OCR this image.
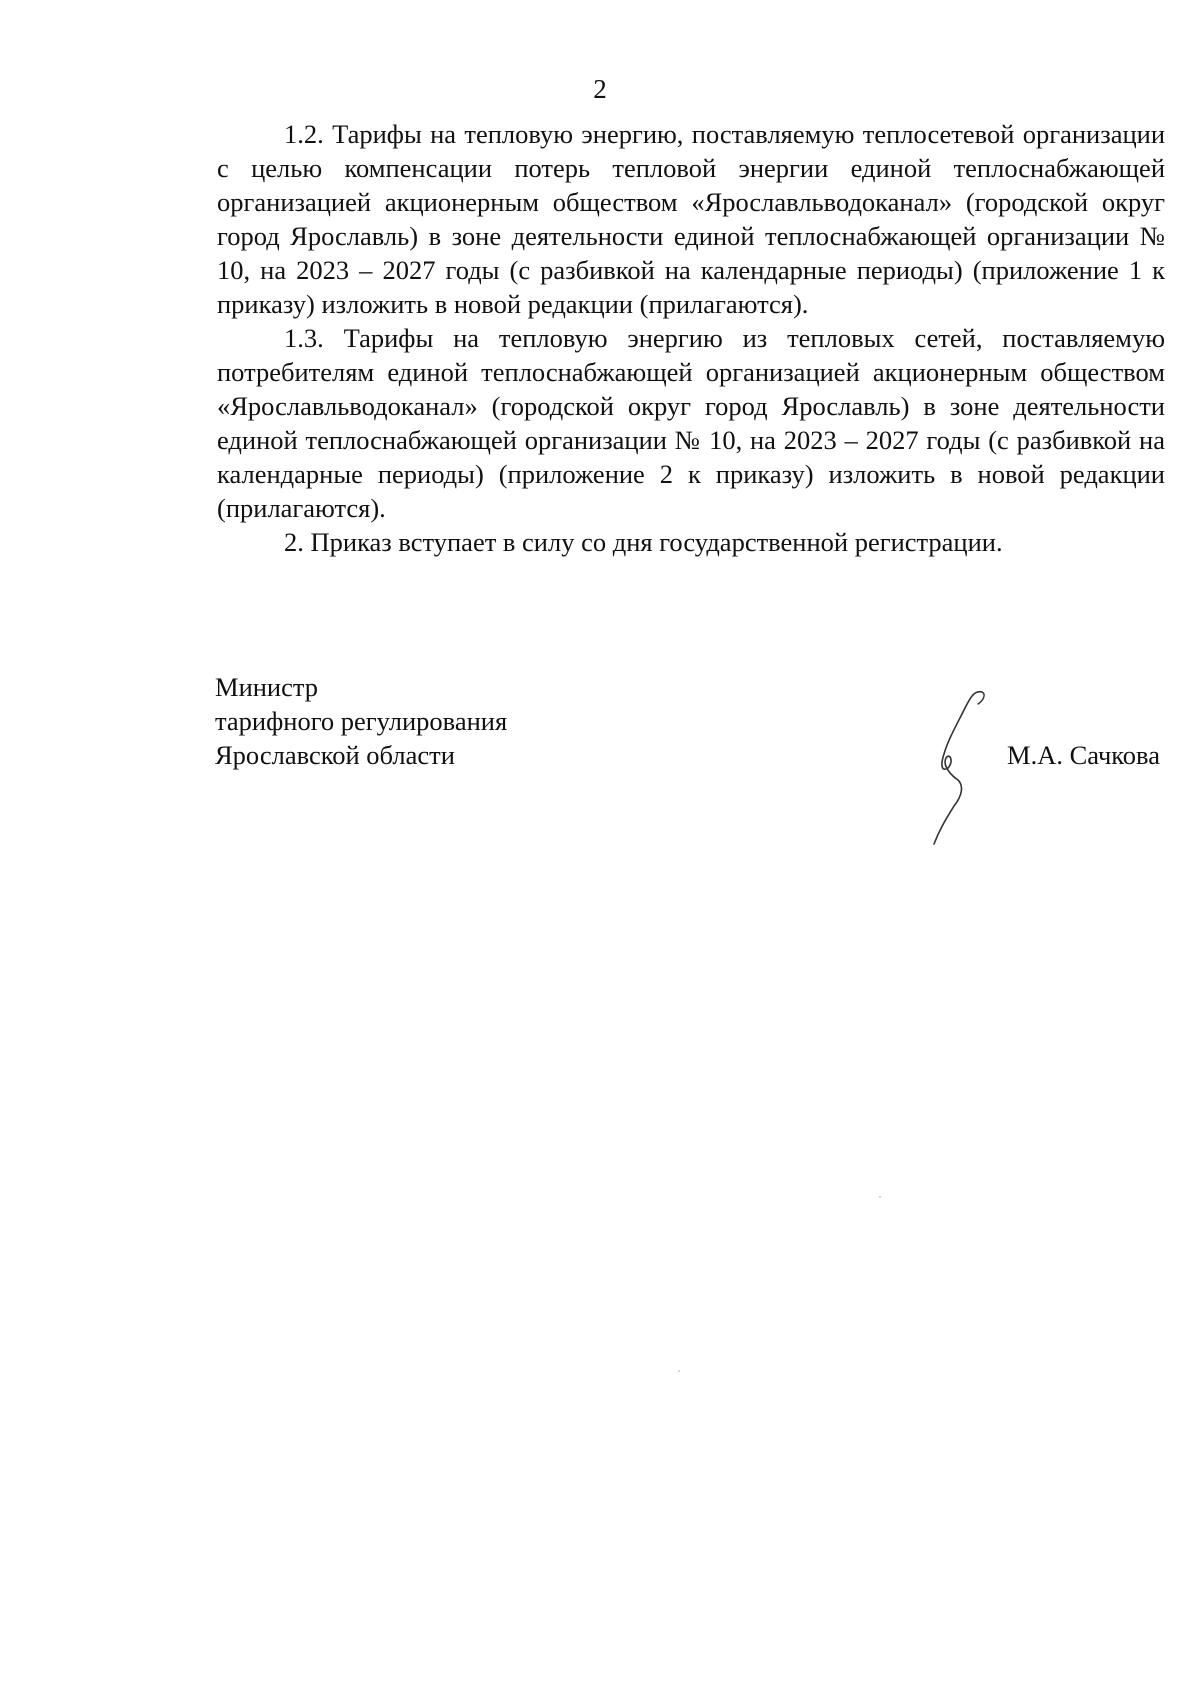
2

1.2. Тарифы на тепловую энергию, поставляемую теплосетевой организации с целью компенсации потерь тепловой энергии единой теплоснабжающей организацией акционерным обществом «Ярославльводоканал» (городской округ город Ярославль) в зоне деятельности единой теплоснабжающей организации № 10, на 2023 – 2027 годы (с разбивкой на календарные периоды) (приложение 1 к приказу) изложить в новой редакции (прилагаются).

1.3. Тарифы на тепловую энергию из тепловых сетей, поставляемую потребителям единой теплоснабжающей организацией акционерным обществом «Ярославльводоканал» (городской округ город Ярославль) в зоне деятельности единой теплоснабжающей организации № 10, на 2023 – 2027 годы (с разбивкой на календарные периоды) (приложение 2 к приказу) изложить в новой редакции (прилагаются).

2. Приказ вступает в силу со дня государственной регистрации.

Министр
тарифного регулирования
Ярославской области	М.А. Сачкова
